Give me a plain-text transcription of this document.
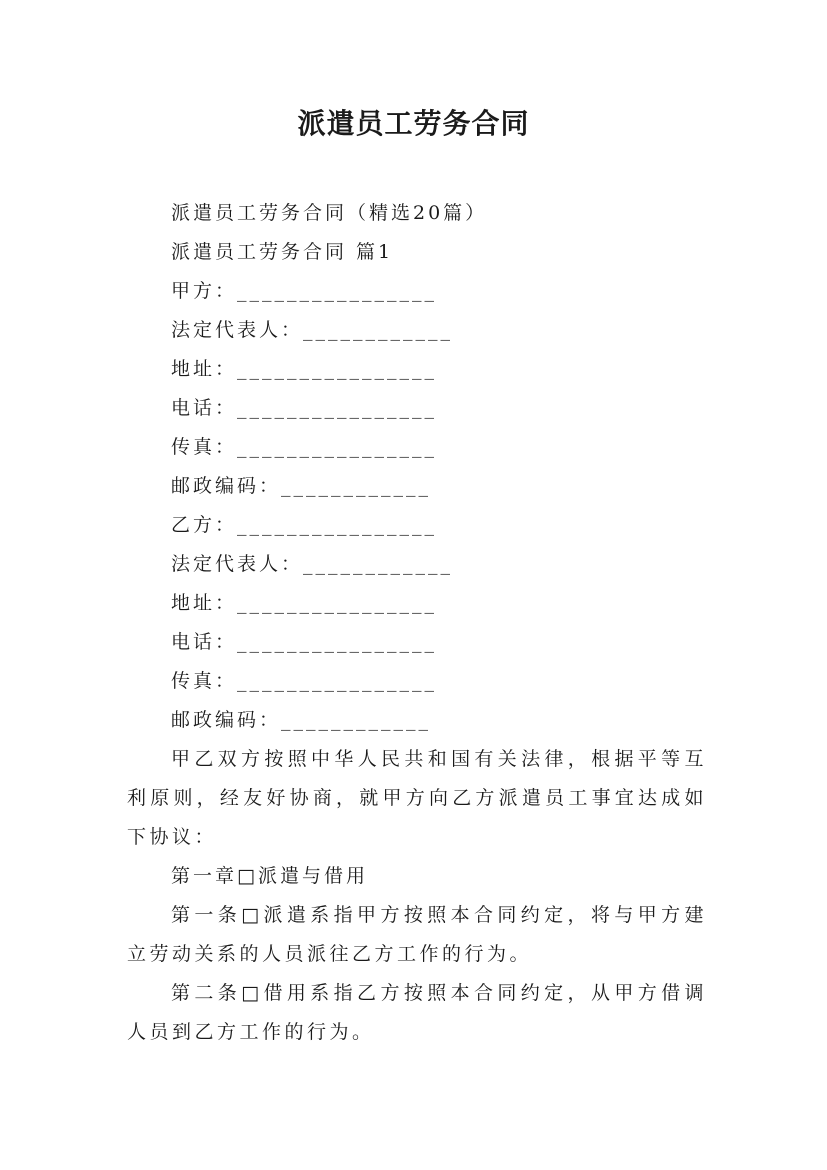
派遣员工劳务合同

派遣员工劳务合同（精选20篇）

派遣员工劳务合同 篇1

甲方：________________

法定代表人：____________

地址：________________

电话：________________

传真：________________

邮政编码：____________

乙方：________________

法定代表人：____________

地址：________________

电话：________________

传真：________________

邮政编码：____________

甲乙双方按照中华人民共和国有关法律，根据平等互利原则，经友好协商，就甲方向乙方派遣员工事宜达成如下协议：

第一章□派遣与借用

第一条□派遣系指甲方按照本合同约定，将与甲方建立劳动关系的人员派往乙方工作的行为。

第二条□借用系指乙方按照本合同约定，从甲方借调人员到乙方工作的行为。
